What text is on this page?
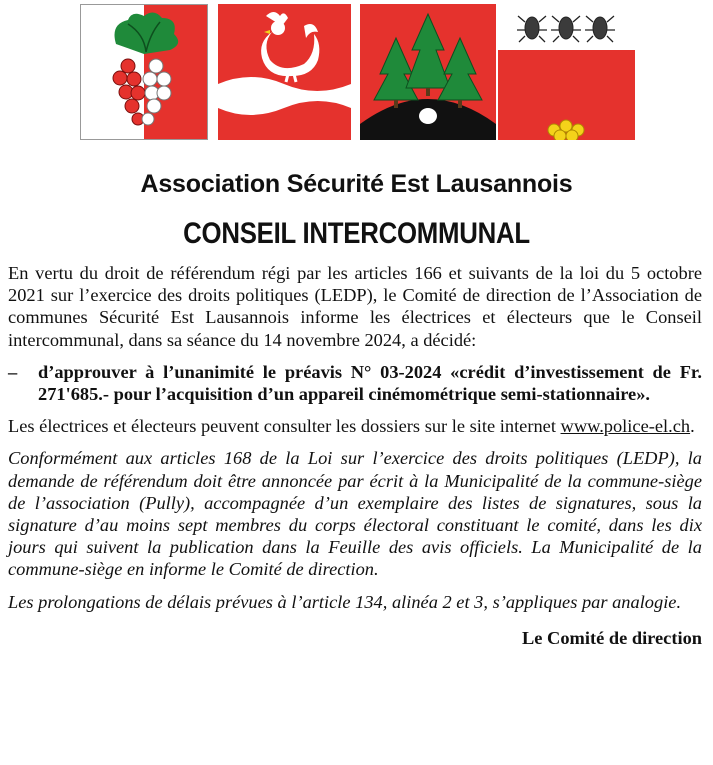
Association Sécurité Est Lausannois
CONSEIL INTERCOMMUNAL

En vertu du droit de référendum régi par les articles 166 et suivants de la loi du 5 octobre 2021 sur l’exercice des droits politiques (LEDP), le Comité de direction de l’Association de communes Sécurité Est Lausannois informe les électrices et électeurs que le Conseil intercommunal, dans sa séance du 14 novembre 2024, a décidé:

–	d’approuver à l’unanimité le préavis N° 03-2024 «crédit d’investissement de Fr. 271'685.- pour l’acquisition d’un appareil cinémométrique semi-stationnaire».

Les électrices et électeurs peuvent consulter les dossiers sur le site internet www.police-el.ch.

Conformément aux articles 168 de la Loi sur l’exercice des droits politiques (LEDP), la demande de référendum doit être annoncée par écrit à la Municipalité de la commune-siège de l’association (Pully), accompagnée d’un exemplaire des listes de signatures, sous la signature d’au moins sept membres du corps électoral constituant le comité, dans les dix jours qui suivent la publication dans la Feuille des avis officiels. La Municipalité de la commune-siège en informe le Comité de direction.

Les prolongations de délais prévues à l’article 134, alinéa 2 et 3, s’appliques par analogie.

Le Comité de direction
